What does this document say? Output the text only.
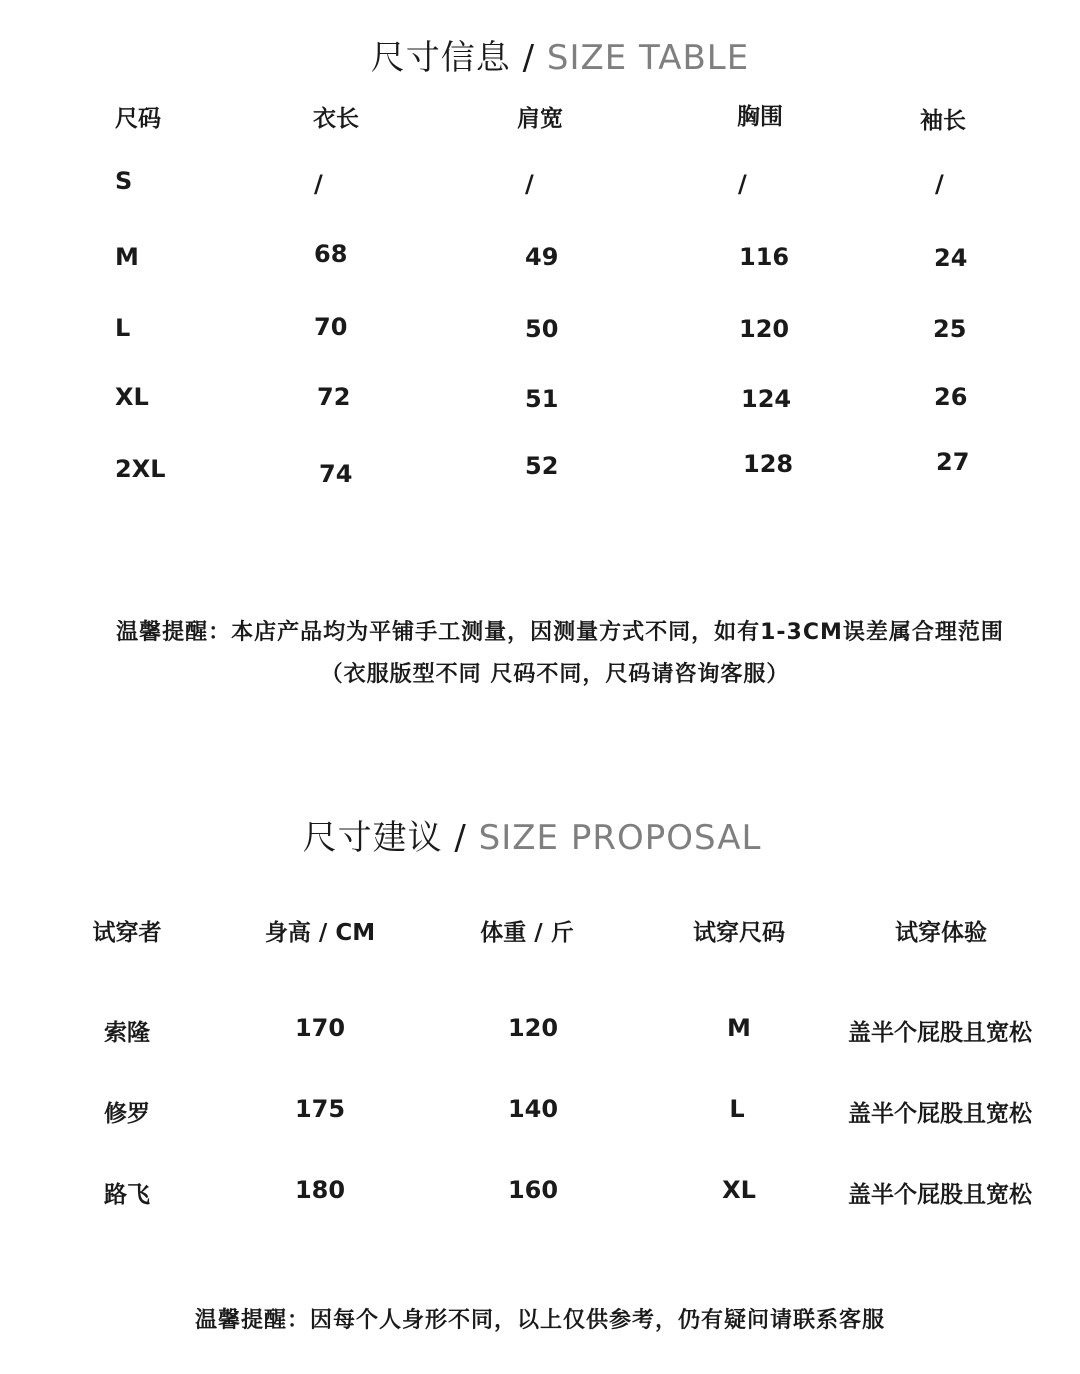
尺寸信息 / SIZE TABLE
尺码	衣长	肩宽	胸围	袖长
S	/	/	/	/
M	68	49	116	24
L	70	50	120	25
XL	72	51	124	26
2XL	74	52	128	27
温馨提醒：本店产品均为平铺手工测量，因测量方式不同，如有1-3CM误差属合理范围
（衣服版型不同 尺码不同，尺码请咨询客服）
尺寸建议 / SIZE PROPOSAL
试穿者	身高 / CM	体重 / 斤	试穿尺码	试穿体验
索隆	170	120	M	盖半个屁股且宽松
修罗	175	140	L	盖半个屁股且宽松
路飞	180	160	XL	盖半个屁股且宽松
温馨提醒：因每个人身形不同，以上仅供参考，仍有疑问请联系客服
